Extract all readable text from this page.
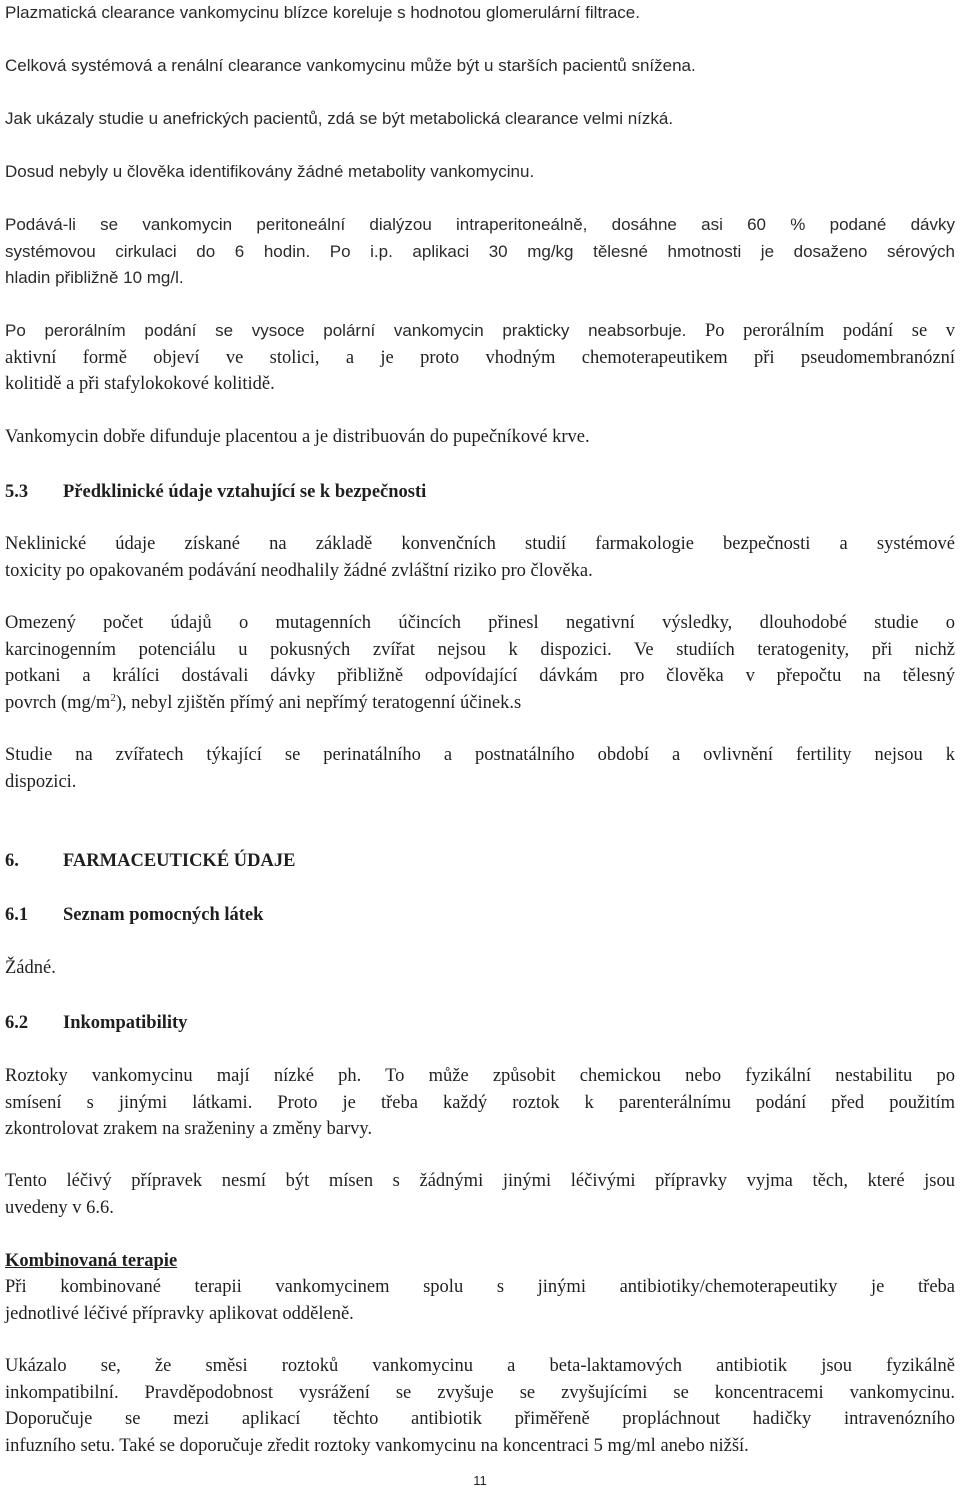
Plazmatická clearance vankomycinu blízce koreluje s hodnotou glomerulární filtrace.

Celková systémová a renální clearance vankomycinu může být u starších pacientů snížena.

Jak ukázaly studie u anefrických pacientů, zdá se být metabolická clearance velmi nízká.

Dosud nebyly u člověka identifikovány žádné metabolity vankomycinu.

Podává-li se vankomycin peritoneální dialýzou intraperitoneálně, dosáhne asi 60 % podané dávky
systémovou cirkulaci do 6 hodin. Po i.p. aplikaci 30 mg/kg tělesné hmotnosti je dosaženo sérových
hladin přibližně 10 mg/l.

Po perorálním podání se vysoce polární vankomycin prakticky neabsorbuje. Po perorálním podání se v
aktivní formě objeví ve stolici, a je proto vhodným chemoterapeutikem při pseudomembranózní
kolitidě a při stafylokokové kolitidě.

Vankomycin dobře difunduje placentou a je distribuován do pupečníkové krve.

5.3 Předklinické údaje vztahující se k bezpečnosti

Neklinické údaje získané na základě konvenčních studií farmakologie bezpečnosti a systémové
toxicity po opakovaném podávání neodhalily žádné zvláštní riziko pro člověka.

Omezený počet údajů o mutagenních účincích přinesl negativní výsledky, dlouhodobé studie o
karcinogenním potenciálu u pokusných zvířat nejsou k dispozici. Ve studiích teratogenity, při nichž
potkani a králíci dostávali dávky přibližně odpovídající dávkám pro člověka v přepočtu na tělesný
povrch $(mg/m^2)$, nebyl zjištěn přímý ani nepřímý teratogenní účinek.s

Studie na zvířatech týkající se perinatálního a postnatálního období a ovlivnění fertility nejsou k
dispozici.

6. FARMACEUTICKÉ ÚDAJE
6.1 Seznam pomocných látek

Žádné.

6.2 Inkompatibility

Roztoky vankomycinu mají nízké ph. To může způsobit chemickou nebo fyzikální nestabilitu po
smísení s jinými látkami. Proto je třeba každý roztok k parenterálnímu podání před použitím
zkontrolovat zrakem na sraženiny a změny barvy.

Tento léčivý přípravek nesmí být mísen s žádnými jinými léčivými přípravky vyjma těch, které jsou
uvedeny v 6.6.

Kombinovaná terapie

Při kombinované terapii vankomycinem spolu s jinými antibiotiky/chemoterapeutiky je třeba
jednotlivé léčivé přípravky aplikovat odděleně.

Ukázalo se, že směsi roztoků vankomycinu a beta-laktamových antibiotik jsou fyzikálně
inkompatibilní. Pravděpodobnost vysrážení se zvyšuje se zvyšujícími se koncentracemi vankomycinu.
Doporučuje se mezi aplikací těchto antibiotik přiměřeně propláchnout hadičky intravenózního
infuzního setu. Také se doporučuje zředit roztoky vankomycinu na koncentraci 5 mg/ml anebo nižší.

11
